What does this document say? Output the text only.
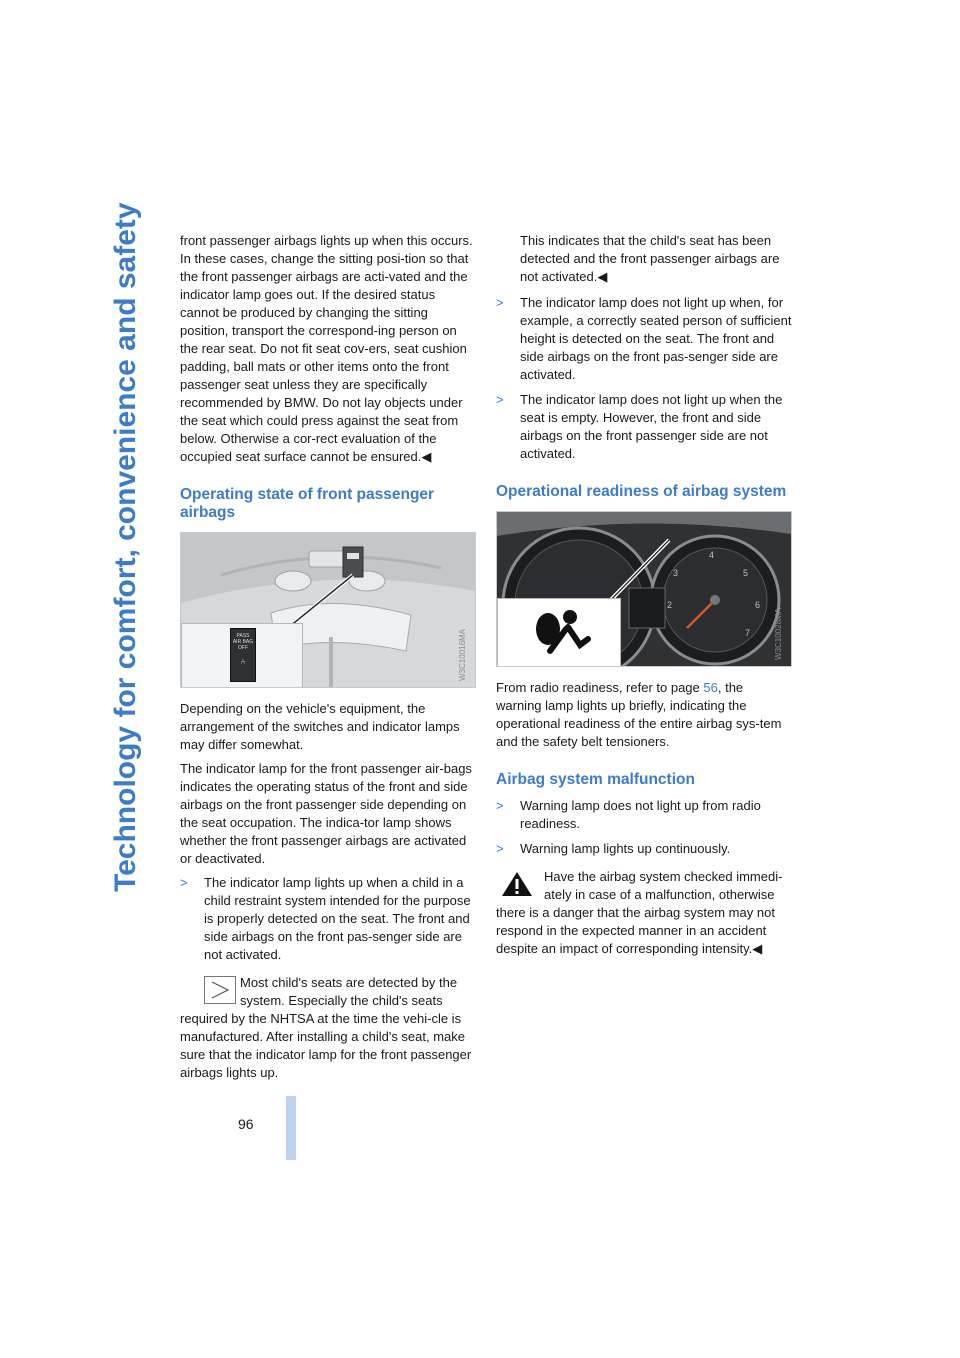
Technology for comfort, convenience and safety
96

front passenger airbags lights up when this occurs. In these cases, change the sitting posi-tion so that the front passenger airbags are acti-vated and the indicator lamp goes out. If the desired status cannot be produced by changing the sitting position, transport the correspond-ing person on the rear seat. Do not fit seat cov-ers, seat cushion padding, ball mats or other items onto the front passenger seat unless they are specifically recommended by BMW. Do not lay objects under the seat which could press against the seat from below. Otherwise a cor-rect evaluation of the occupied seat surface cannot be ensured.◀

Operating state of front passenger airbags
PASS
AIR BAG
OFF
⑃	W3C10016MA

Depending on the vehicle's equipment, the arrangement of the switches and indicator lamps may differ somewhat.

The indicator lamp for the front passenger air-bags indicates the operating status of the front and side airbags on the front passenger side depending on the seat occupation. The indica-tor lamp shows whether the front passenger airbags are activated or deactivated.

> The indicator lamp lights up when a child in a child restraint system intended for the purpose is properly detected on the seat. The front and side airbags on the front pas-senger side are not activated.
Most child's seats are detected by the system. Especially the child's seats
required by the NHTSA at the time the vehi-cle is manufactured. After installing a child's seat, make sure that the indicator lamp for the front passenger airbags lights up.

This indicates that the child's seat has been detected and the front passenger airbags are not activated.◀

> The indicator lamp does not light up when, for example, a correctly seated person of sufficient height is detected on the seat. The front and side airbags on the front pas-senger side are activated.
> The indicator lamp does not light up when the seat is empty. However, the front and side airbags on the front passenger side are not activated.
Operational readiness of airbag system
4
5
6
3
2
7	W3C10028MA

From radio readiness, refer to page 56, the warning lamp lights up briefly, indicating the operational readiness of the entire airbag sys-tem and the safety belt tensioners.

Airbag system malfunction
> Warning lamp does not light up from radio readiness.
> Warning lamp lights up continuously.
Have the airbag system checked immedi-ately in case of a malfunction, otherwise
there is a danger that the airbag system may not respond in the expected manner in an accident despite an impact of corresponding intensity.◀
